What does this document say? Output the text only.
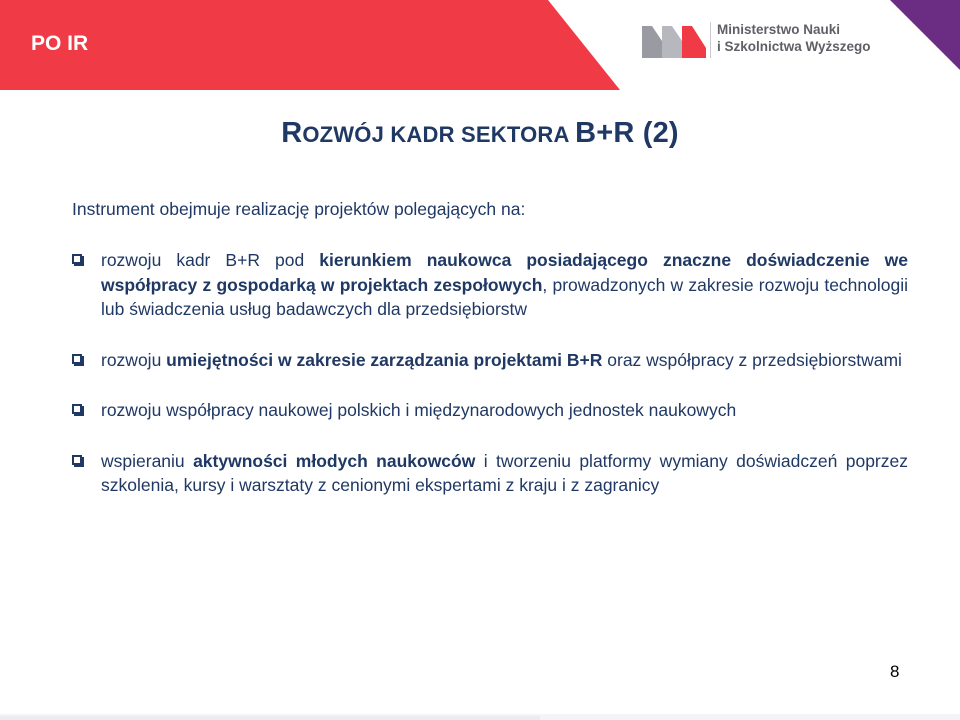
PO IR
Ministerstwo Nauki
i Szkolnictwa Wyższego
ROZWÓJ KADR SEKTORA B+R (2)
Instrument obejmuje realizację projektów polegających na:
rozwoju kadr B+R pod kierunkiem naukowca posiadającego znaczne doświadczenie we współpracy z gospodarką w projektach zespołowych, prowadzonych w zakresie rozwoju technologii lub świadczenia usług badawczych dla przedsiębiorstw
rozwoju umiejętności w zakresie zarządzania projektami B+R oraz współpracy z przedsiębiorstwami
rozwoju współpracy naukowej polskich i międzynarodowych jednostek naukowych
wspieraniu aktywności młodych naukowców i tworzeniu platformy wymiany doświadczeń poprzez szkolenia, kursy i warsztaty z cenionymi ekspertami z kraju i z zagranicy
8
